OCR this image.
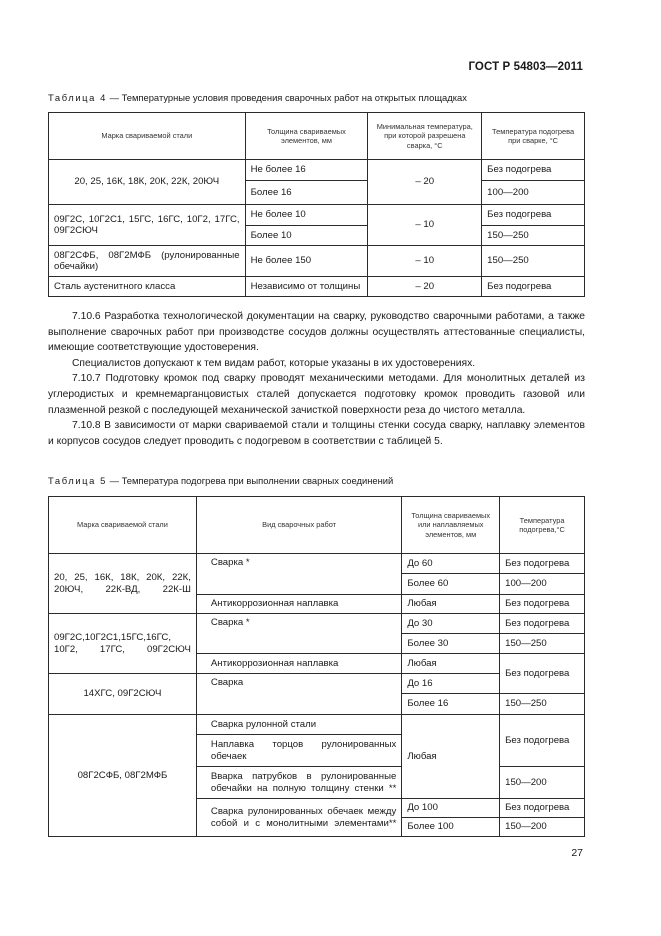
ГОСТ Р 54803—2011
Таблица 4 — Температурные условия проведения сварочных работ на открытых площадках
Марка свариваемой стали	Толщина свариваемых элементов, мм	Минимальная температура, при которой разрешена сварка, °С	Температура подогрева при сварке, °С
20, 25, 16К, 18К, 20К, 22К, 20ЮЧ	Не более 16	– 20	Без подогрева
	Более 16		100—200
09Г2С, 10Г2С1, 15ГС, 16ГС, 10Г2, 17ГС, 09Г2СЮЧ	Не более 10	– 10	Без подогрева
	Более 10		150—250
08Г2СФБ, 08Г2МФБ (рулонированные обечайки)	Не более 150	– 10	150—250
Сталь аустенитного класса	Независимо от толщины	– 20	Без подогрева

7.10.6 Разработка технологической документации на сварку, руководство сварочными работами, а также выполнение сварочных работ при производстве сосудов должны осуществлять аттестованные специалисты, имеющие соответствующие удостоверения.

Специалистов допускают к тем видам работ, которые указаны в их удостоверениях.

7.10.7 Подготовку кромок под сварку проводят механическими методами. Для монолитных деталей из углеродистых и кремнемарганцовистых сталей допускается подготовку кромок проводить газовой или плазменной резкой с последующей механической зачисткой поверхности реза до чистого металла.

7.10.8 В зависимости от марки свариваемой стали и толщины стенки сосуда сварку, наплавку элементов и корпусов сосудов следует проводить с подогревом в соответствии с таблицей 5.

Таблица 5 — Температура подогрева при выполнении сварных соединений
Марка свариваемой стали	Вид сварочных работ	Толщина свариваемых или наплавляемых элементов, мм	Температура подогрева,°С
20, 25, 16К, 18К, 20К, 22К, 20ЮЧ, 22К-ВД, 22К-Ш	Сварка *	До 60	Без подогрева
		Более 60	100—200
	Антикоррозионная наплавка	Любая	Без подогрева
09Г2С,10Г2С1,15ГС,16ГС, 10Г2, 17ГС, 09Г2СЮЧ	Сварка *	До 30	Без подогрева
		Более 30	150—250
	Антикоррозионная наплавка	Любая	Без подогрева
14ХГС, 09Г2СЮЧ	Сварка	До 16	
		Более 16	150—250
08Г2СФБ, 08Г2МФБ	Сварка рулонной стали	Любая	Без подогрева
	Наплавка торцов рулонированных обечаек		
	Вварка патрубков в рулонированные обечайки на полную толщину стенки **		150—200
	Сварка рулонированных обечаек между собой и с монолитными элементами**	До 100	Без подогрева
		Более 100	150—200
27
